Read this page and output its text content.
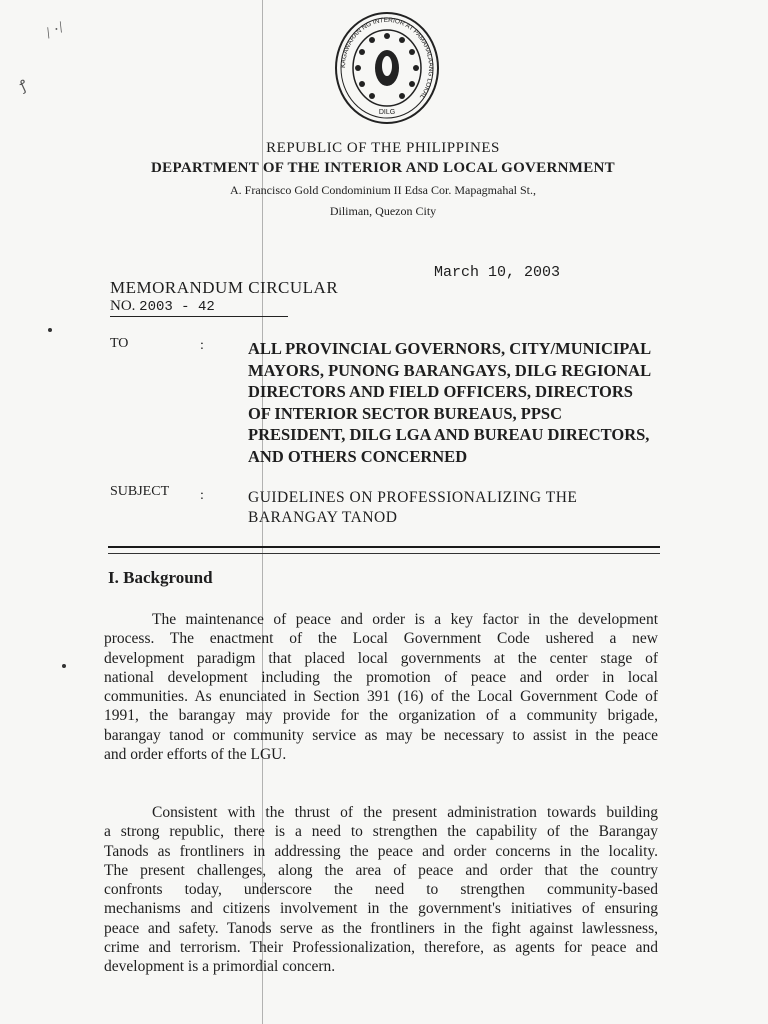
/ ·/
ꝭ
KAGAWARAN NG INTERIOR AT PAMAHALAANG LOKAL
DILG
REPUBLIC OF THE PHILIPPINES
DEPARTMENT OF THE INTERIOR AND LOCAL GOVERNMENT
A. Francisco Gold Condominium II Edsa Cor. Mapagmahal St.,
Diliman, Quezon City
March 10, 2003
MEMORANDUM CIRCULAR
NO. 2003 - 42
TO	:	ALL PROVINCIAL GOVERNORS, CITY/MUNICIPAL
MAYORS, PUNONG BARANGAYS, DILG REGIONAL
DIRECTORS AND FIELD OFFICERS, DIRECTORS
OF INTERIOR SECTOR BUREAUS, PPSC
PRESIDENT, DILG LGA AND BUREAU DIRECTORS,
AND OTHERS CONCERNED
SUBJECT :	GUIDELINES ON PROFESSIONALIZING THE
BARANGAY TANOD
I. Background
The maintenance of peace and order is a key factor in the development
process. The enactment of the Local Government Code ushered a new
development paradigm that placed local governments at the center stage of
national development including the promotion of peace and order in local
communities. As enunciated in Section 391 (16) of the Local Government Code of
1991, the barangay may provide for the organization of a community brigade,
barangay tanod or community service as may be necessary to assist in the peace
and order efforts of the LGU.
Consistent with the thrust of the present administration towards building
a strong republic, there is a need to strengthen the capability of the Barangay
Tanods as frontliners in addressing the peace and order concerns in the locality.
The present challenges, along the area of peace and order that the country
confronts today, underscore the need to strengthen community-based
mechanisms and citizens involvement in the government's initiatives of ensuring
peace and safety. Tanods serve as the frontliners in the fight against lawlessness,
crime and terrorism. Their Professionalization, therefore, as agents for peace and
development is a primordial concern.
